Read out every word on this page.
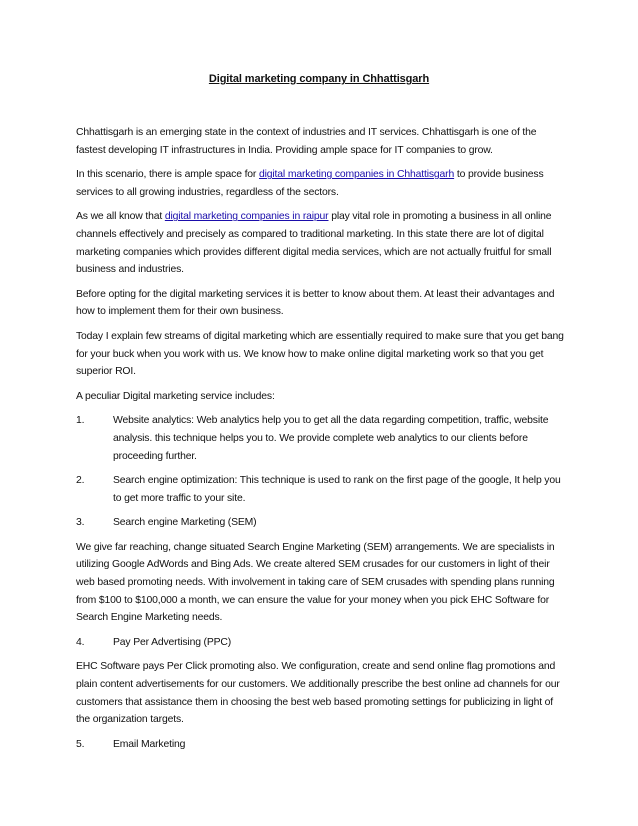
Digital marketing company in Chhattisgarh

Chhattisgarh is an emerging state in the context of industries and IT services. Chhattisgarh is one of the fastest developing IT infrastructures in India. Providing ample space for IT companies to grow.

In this scenario, there is ample space for digital marketing companies in Chhattisgarh to provide business services to all growing industries, regardless of the sectors.

As we all know that digital marketing companies in raipur play vital role in promoting a business in all online channels effectively and precisely as compared to traditional marketing. In this state there are lot of digital marketing companies which provides different digital media services, which are not actually fruitful for small business and industries.

Before opting for the digital marketing services it is better to know about them. At least their advantages and how to implement them for their own business.

Today I explain few streams of digital marketing which are essentially required to make sure that you get bang for your buck when you work with us. We know how to make online digital marketing work so that you get superior ROI.

A peculiar Digital marketing service includes:

1.	Website analytics: Web analytics help you to get all the data regarding competition, traffic, website analysis. this technique helps you to. We provide complete web analytics to our clients before proceeding further.

2.	Search engine optimization: This technique is used to rank on the first page of the google, It help you to get more traffic to your site.

3.	Search engine Marketing (SEM)

We give far reaching, change situated Search Engine Marketing (SEM) arrangements. We are specialists in utilizing Google AdWords and Bing Ads. We create altered SEM crusades for our customers in light of their web based promoting needs. With involvement in taking care of SEM crusades with spending plans running from $100 to $100,000 a month, we can ensure the value for your money when you pick EHC Software for Search Engine Marketing needs.

4.	Pay Per Advertising (PPC)

EHC Software pays Per Click promoting also. We configuration, create and send online flag promotions and plain content advertisements for our customers. We additionally prescribe the best online ad channels for our customers that assistance them in choosing the best web based promoting settings for publicizing in light of the organization targets.

5.	Email Marketing
